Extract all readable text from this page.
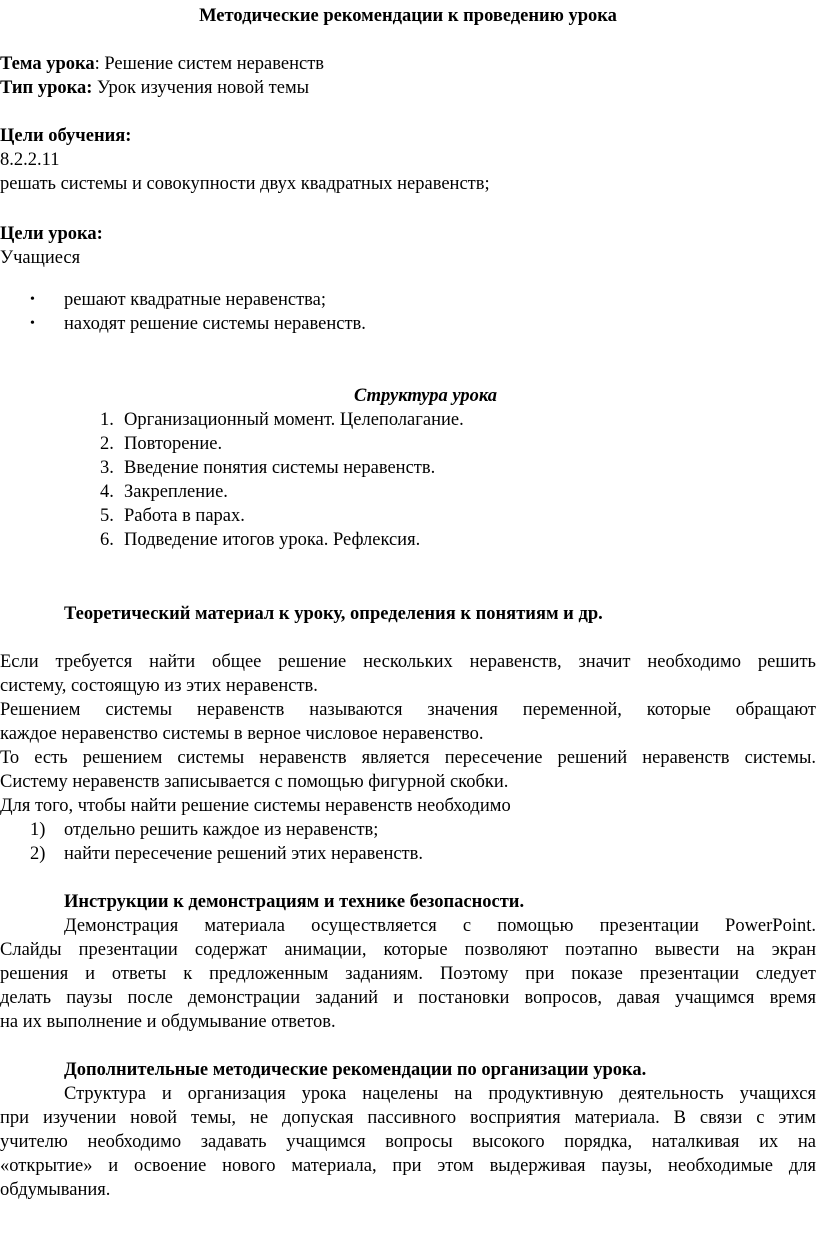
Методические рекомендации к проведению урока
Тема урока: Решение систем неравенств
Тип урока: Урок изучения новой темы
Цели обучения:
8.2.2.11
решать системы и совокупности двух квадратных неравенств;
Цели урока:
Учащиеся
• решают квадратные неравенства;
• находят решение системы неравенств.
Структура урока
1. Организационный момент. Целеполагание.
2. Повторение.
3. Введение понятия системы неравенств.
4. Закрепление.
5. Работа в парах.
6. Подведение итогов урока. Рефлексия.
Теоретический материал к уроку, определения к понятиям и др.
Если требуется найти общее решение нескольких неравенств, значит необходимо решить
систему, состоящую из этих неравенств.
Решением системы неравенств называются значения переменной, которые обращают
каждое неравенство системы в верное числовое неравенство.
То есть решением системы неравенств является пересечение решений неравенств системы.
Систему неравенств записывается с помощью фигурной скобки.
Для того, чтобы найти решение системы неравенств необходимо
1) отдельно решить каждое из неравенств;
2) найти пересечение решений этих неравенств.
Инструкции к демонстрациям и технике безопасности.
Демонстрация материала осуществляется с помощью презентации PowerPoint.
Слайды презентации содержат анимации, которые позволяют поэтапно вывести на экран
решения и ответы к предложенным заданиям. Поэтому при показе презентации следует
делать паузы после демонстрации заданий и постановки вопросов, давая учащимся время
на их выполнение и обдумывание ответов.
Дополнительные методические рекомендации по организации урока.
Структура и организация урока нацелены на продуктивную деятельность учащихся
при изучении новой темы, не допуская пассивного восприятия материала. В связи с этим
учителю необходимо задавать учащимся вопросы высокого порядка, наталкивая их на
«открытие» и освоение нового материала, при этом выдерживая паузы, необходимые для
обдумывания.
